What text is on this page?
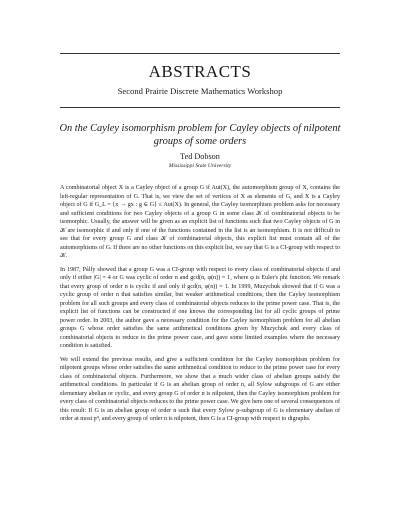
ABSTRACTS
Second Prairie Discrete Mathematics Workshop
On the Cayley isomorphism problem for Cayley objects of nilpotent groups of some orders
Ted Dobson
Mississippi State University

A combinatorial object X is a Cayley object of a group G if Aut(X), the automorphism group of X, contains the left-regular representation of G. That is, we view the set of vertices of X as elements of G, and X is a Cayley object of G if G_L = {x → gx : g ∈ G} ≤ Aut(X). In general, the Cayley isomorphism problem asks for necessary and sufficient conditions for two Cayley objects of a group G in some class 𝒦 of combinatorial objects to be isomorphic. Usually, the answer will be given as an explicit list of functions such that two Cayley objects of G in 𝒦 are isomorphic if and only if one of the functions contained in the list is an isomorphism. It is not difficult to see that for every group G and class 𝒦 of combinatorial objects, this explicit list must contain all of the automorphisms of G. If there are no other functions on this explicit list, we say that G is a CI-group with respect to 𝒦.

In 1987, Pálfy showed that a group G was a CI-group with respect to every class of combinatorial objects if and only if either |G| = 4 or G was cyclic of order n and gcd(n, φ(n)) = 1, where φ is Euler's phi function. We remark that every group of order n is cyclic if and only if gcd(n, φ(n)) = 1. In 1999, Muzychuk showed that if G was a cyclic group of order n that satisfies similar, but weaker arithmetical conditions, then the Cayley isomorphism problem for all such groups and every class of combinatorial objects reduces to the prime power case. That is, the explicit list of functions can be constructed if one knows the corresponding list for all cyclic groups of prime power order. In 2003, the author gave a necessary condition for the Cayley isomorphism problem for all abelian groups G whose order satisfies the same arithmetical conditions given by Muzychuk and every class of combinatorial objects to reduce to the prime power case, and gave some limited examples where the necessary condition is satisfied.

We will extend the previous results, and give a sufficient condition for the Cayley isomorphism problem for nilpotent groups whose order satisfies the same arithmetical condition to reduce to the prime power case for every class of combinatorial objects. Furthermore, we show that a much wider class of abelian groups satisfy the arithmetical conditions. In particular if G is an abelian group of order n, all Sylow subgroups of G are either elementary abelian or cyclic, and every group G of order n is nilpotent, then the Cayley isomorphism problem for every class of combinatorial objects reduces to the prime power case. We give here one of several consequences of this result: If G is an abelian group of order n such that every Sylow p-subgroup of G is elementary abelian of order at most p⁴, and every group of order n is nilpotent, then G is a CI-group with respect to digraphs.
